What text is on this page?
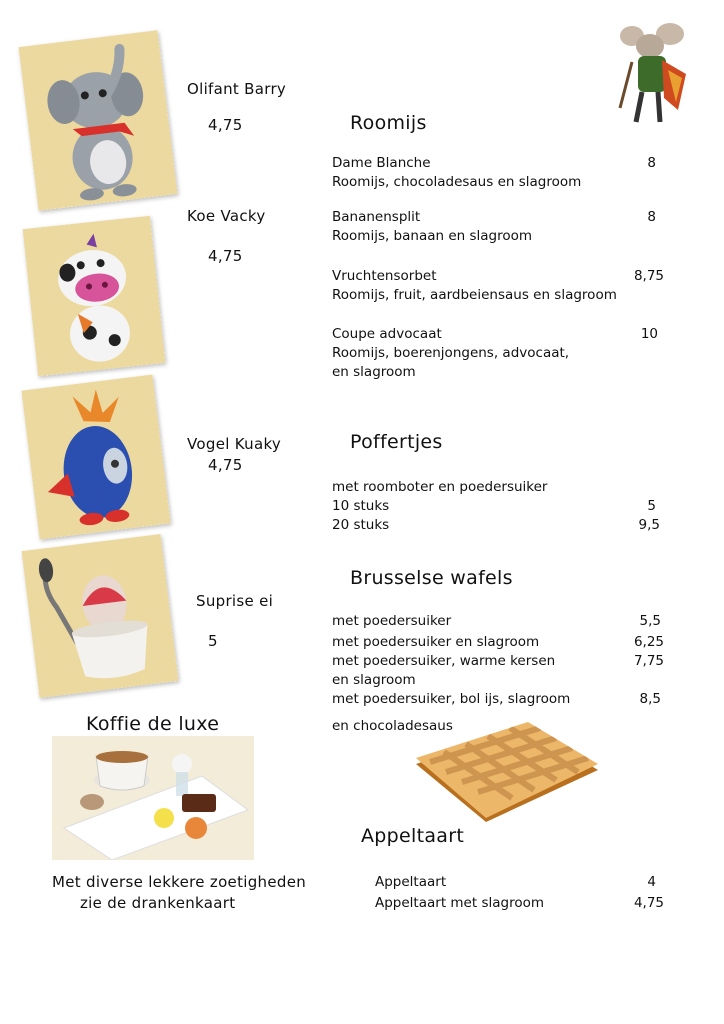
Olifant Barry
4,75
Koe Vacky
4,75
Vogel Kuaky
4,75
Suprise ei
5
Koffie de luxe
Met diverse lekkere zoetigheden
zie de drankenkaart
Roomijs
Dame Blanche	8
Roomijs, chocoladesaus en slagroom
Bananensplit	8
Roomijs, banaan en slagroom
Vruchtensorbet	8,75
Roomijs, fruit, aardbeiensaus en slagroom
Coupe advocaat	10
Roomijs, boerenjongens, advocaat,
en slagroom
Poffertjes
met roomboter en poedersuiker
10 stuks	5
20 stuks	9,5
Brusselse wafels
met poedersuiker	5,5
met poedersuiker en slagroom	6,25
met poedersuiker, warme kersen	7,75
en slagroom
met poedersuiker, bol ijs, slagroom	8,5
en chocoladesaus
Appeltaart
Appeltaart	4
Appeltaart met slagroom	4,75
